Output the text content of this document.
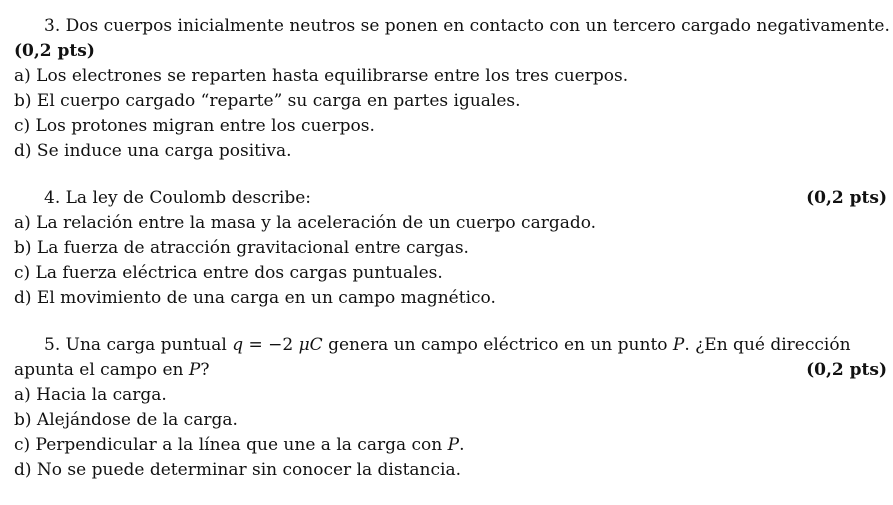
3. Dos cuerpos inicialmente neutros se ponen en contacto con un tercero cargado negativamente.
(0,2 pts)
a) Los electrones se reparten hasta equilibrarse entre los tres cuerpos.
b) El cuerpo cargado “reparte” su carga en partes iguales.
c) Los protones migran entre los cuerpos.
d) Se induce una carga positiva.
4. La ley de Coulomb describe:	(0,2 pts)
a) La relación entre la masa y la aceleración de un cuerpo cargado.
b) La fuerza de atracción gravitacional entre cargas.
c) La fuerza eléctrica entre dos cargas puntuales.
d) El movimiento de una carga en un campo magnético.
5. Una carga puntual q = −2 μC genera un campo eléctrico en un punto P. ¿En qué dirección
apunta el campo en P?	(0,2 pts)
a) Hacia la carga.
b) Alejándose de la carga.
c) Perpendicular a la línea que une a la carga con P.
d) No se puede determinar sin conocer la distancia.
